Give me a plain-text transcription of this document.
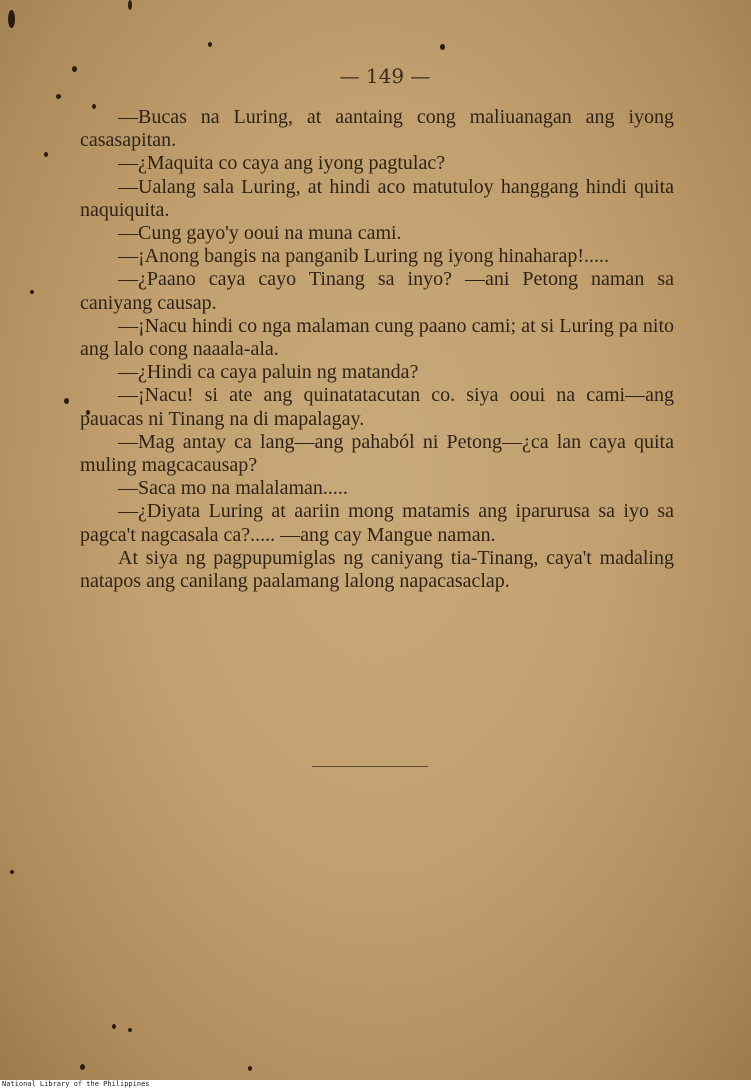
— 149 —

—Bucas na Luring, at aantaing cong maliuanagan ang iyong casasapitan.

—¿Maquita co caya ang iyong pagtulac?

—Ualang sala Luring, at hindi aco matutuloy hanggang hindi quita naquiquita.

—Cung gayo'y ooui na muna cami.

—¡Anong bangis na panganib Luring ng iyong hinaharap!.....

—¿Paano caya cayo Tinang sa inyo? —ani Petong naman sa caniyang causap.

—¡Nacu hindi co nga malaman cung paano cami; at si Luring pa nito ang lalo cong naaala-ala.

—¿Hindi ca caya paluin ng matanda?

—¡Nacu! si ate ang quinatatacutan co. siya ooui na cami—ang pauacas ni Tinang na di mapalagay.

—Mag antay ca lang—ang pahaból ni Petong—¿ca lan caya quita muling magcacausap?

—Saca mo na malalaman.....

—¿Diyata Luring at aariin mong matamis ang iparurusa sa iyo sa pagca't nagcasala ca?..... —ang cay Mangue naman.

At siya ng pagpupumiglas ng caniyang tia-Tinang, caya't madaling natapos ang canilang paalamang lalong napacasaclap.

National Library of the Philippines
